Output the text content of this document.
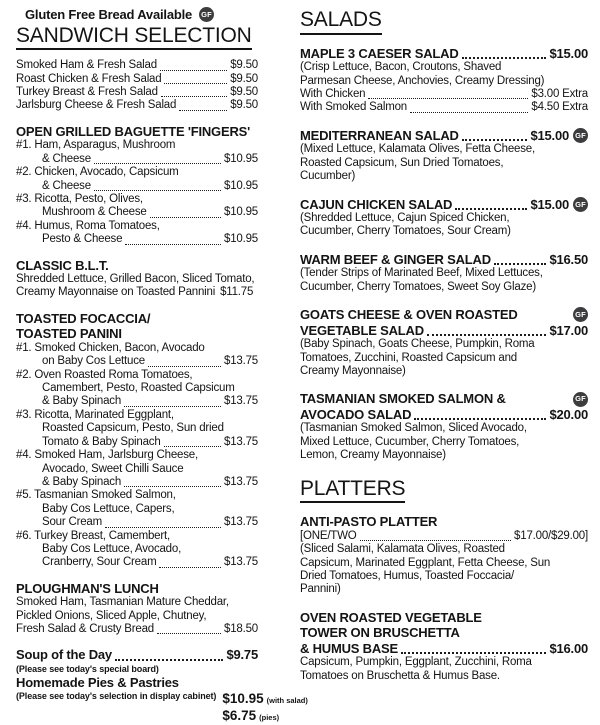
Gluten Free Bread Available GF
SANDWICH SELECTION
Smoked Ham & Fresh Salad	$9.50
Roast Chicken & Fresh Salad	$9.50
Turkey Breast & Fresh Salad	$9.50
Jarlsburg Cheese & Fresh Salad	$9.50
OPEN GRILLED BAGUETTE 'FINGERS'
#1. Ham, Asparagus, Mushroom
& Cheese	$10.95
#2. Chicken, Avocado, Capsicum
& Cheese	$10.95
#3. Ricotta, Pesto, Olives,
Mushroom & Cheese	$10.95
#4. Humus, Roma Tomatoes,
Pesto & Cheese	$10.95
CLASSIC B.L.T.
Shredded Lettuce, Grilled Bacon, Sliced Tomato,
Creamy Mayonnaise on Toasted Pannini $11.75
TOASTED FOCACCIA/
TOASTED PANINI
#1. Smoked Chicken, Bacon, Avocado
on Baby Cos Lettuce	$13.75
#2. Oven Roasted Roma Tomatoes,
Camembert, Pesto, Roasted Capsicum
& Baby Spinach	$13.75
#3. Ricotta, Marinated Eggplant,
Roasted Capsicum, Pesto, Sun dried
Tomato & Baby Spinach	$13.75
#4. Smoked Ham, Jarlsburg Cheese,
Avocado, Sweet Chilli Sauce
& Baby Spinach	$13.75
#5. Tasmanian Smoked Salmon,
Baby Cos Lettuce, Capers,
Sour Cream	$13.75
#6. Turkey Breast, Camembert,
Baby Cos Lettuce, Avocado,
Cranberry, Sour Cream	$13.75
PLOUGHMAN'S LUNCH
Smoked Ham, Tasmanian Mature Cheddar,
Pickled Onions, Sliced Apple, Chutney,
Fresh Salad & Crusty Bread	$18.50
Soup of the Day	$9.75
(Please see today's special board)
Homemade Pies & Pastries
(Please see today's selection in display cabinet) $10.95 (with salad)
$6.75 (pies)
SALADS
MAPLE 3 CAESER SALAD	$15.00
(Crisp Lettuce, Bacon, Croutons, Shaved
Parmesan Cheese, Anchovies, Creamy Dressing)
With Chicken	$3.00 Extra
With Smoked Salmon	$4.50 Extra
MEDITERRANEAN SALAD	$15.00 GF
(Mixed Lettuce, Kalamata Olives, Fetta Cheese,
Roasted Capsicum, Sun Dried Tomatoes,
Cucumber)
CAJUN CHICKEN SALAD	$15.00 GF
(Shredded Lettuce, Cajun Spiced Chicken,
Cucumber, Cherry Tomatoes, Sour Cream)
WARM BEEF & GINGER SALAD	$16.50
(Tender Strips of Marinated Beef, Mixed Lettuces,
Cucumber, Cherry Tomatoes, Sweet Soy Glaze)
GOATS CHEESE & OVEN ROASTED	GF
VEGETABLE SALAD	$17.00
(Baby Spinach, Goats Cheese, Pumpkin, Roma
Tomatoes, Zucchini, Roasted Capsicum and
Creamy Mayonnaise)
TASMANIAN SMOKED SALMON &	GF
AVOCADO SALAD	$20.00
(Tasmanian Smoked Salmon, Sliced Avocado,
Mixed Lettuce, Cucumber, Cherry Tomatoes,
Lemon, Creamy Mayonnaise)
PLATTERS
ANTI-PASTO PLATTER
[ONE/TWO	$17.00/$29.00]
(Sliced Salami, Kalamata Olives, Roasted
Capsicum, Marinated Eggplant, Fetta Cheese, Sun
Dried Tomatoes, Humus, Toasted Foccacia/
Pannini)
OVEN ROASTED VEGETABLE
TOWER ON BRUSCHETTA
& HUMUS BASE	$16.00
Capsicum, Pumpkin, Eggplant, Zucchini, Roma
Tomatoes on Bruschetta & Humus Base.
